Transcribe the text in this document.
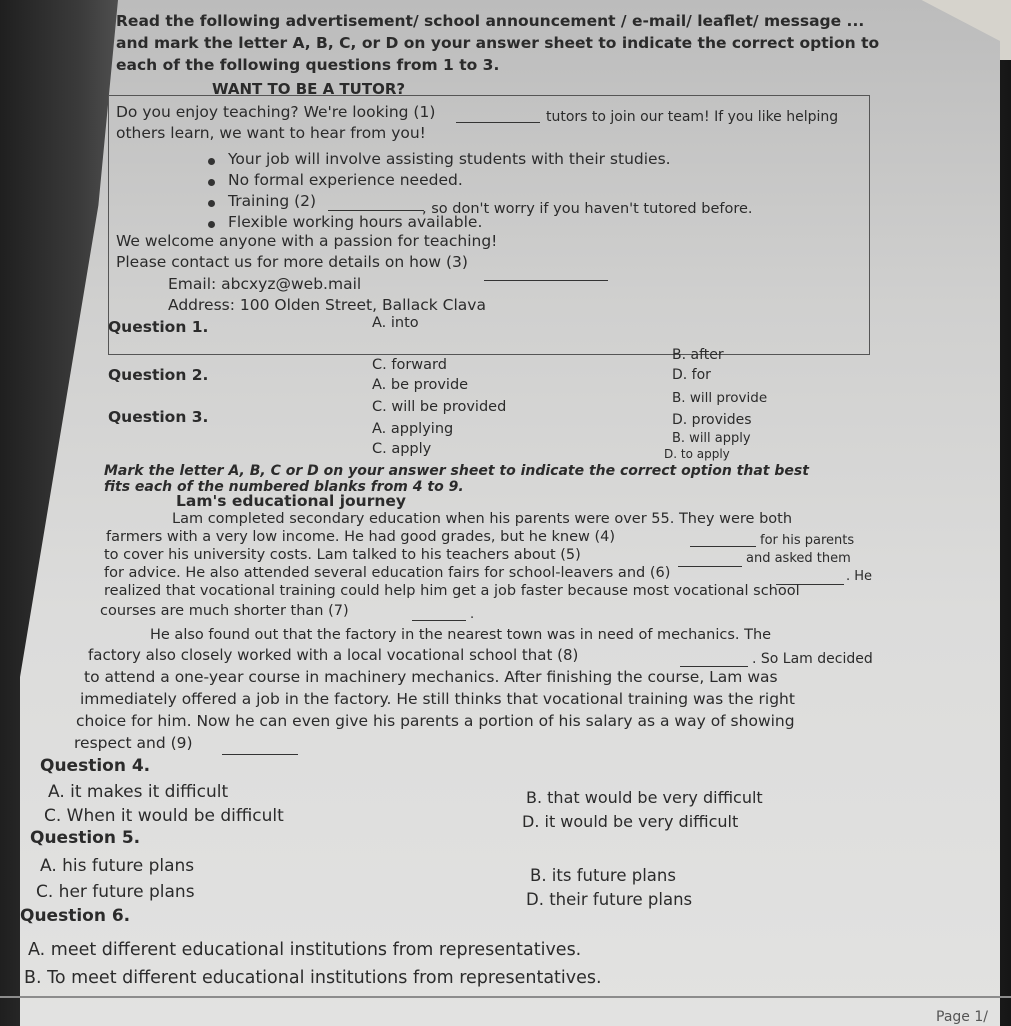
Read the following advertisement/ school announcement / e-mail/ leaflet/ message ...
and mark the letter A, B, C, or D on your answer sheet to indicate the correct option to
each of the following questions from 1 to 3.
WANT TO BE A TUTOR?
Do you enjoy teaching? We're looking (1)	tutors to join our team! If you like helping
others learn, we want to hear from you!
Your job will involve assisting students with their studies.
No formal experience needed.
Training (2)	, so don't worry if you haven't tutored before.
Flexible working hours available.
We welcome anyone with a passion for teaching!
Please contact us for more details on how (3)
Email: abcxyz@web.mail
Address: 100 Olden Street, Ballack Clava
Question 1.	A. into
B. after
C. forward
D. for
Question 2.
A. be provide
B. will provide
C. will be provided
D. provides
Question 3.
A. applying
B. will apply
C. apply	D. to apply
Mark the letter A, B, C or D on your answer sheet to indicate the correct option that best
fits each of the numbered blanks from 4 to 9.
Lam's educational journey
Lam completed secondary education when his parents were over 55. They were both
farmers with a very low income. He had good grades, but he knew (4)	for his parents
to cover his university costs. Lam talked to his teachers about (5)	and asked them
for advice. He also attended several education fairs for school-leavers and (6)	. He
realized that vocational training could help him get a job faster because most vocational school
courses are much shorter than (7)	.
He also found out that the factory in the nearest town was in need of mechanics. The
factory also closely worked with a local vocational school that (8)	. So Lam decided
to attend a one-year course in machinery mechanics. After finishing the course, Lam was
immediately offered a job in the factory. He still thinks that vocational training was the right
choice for him. Now he can even give his parents a portion of his salary as a way of showing
respect and (9)
Question 4.
A. it makes it difficult	B. that would be very difficult
C. When it would be difficult	D. it would be very difficult
Question 5.
A. his future plans	B. its future plans
C. her future plans	D. their future plans
Question 6.
A. meet different educational institutions from representatives.
B. To meet different educational institutions from representatives.
Page 1/
